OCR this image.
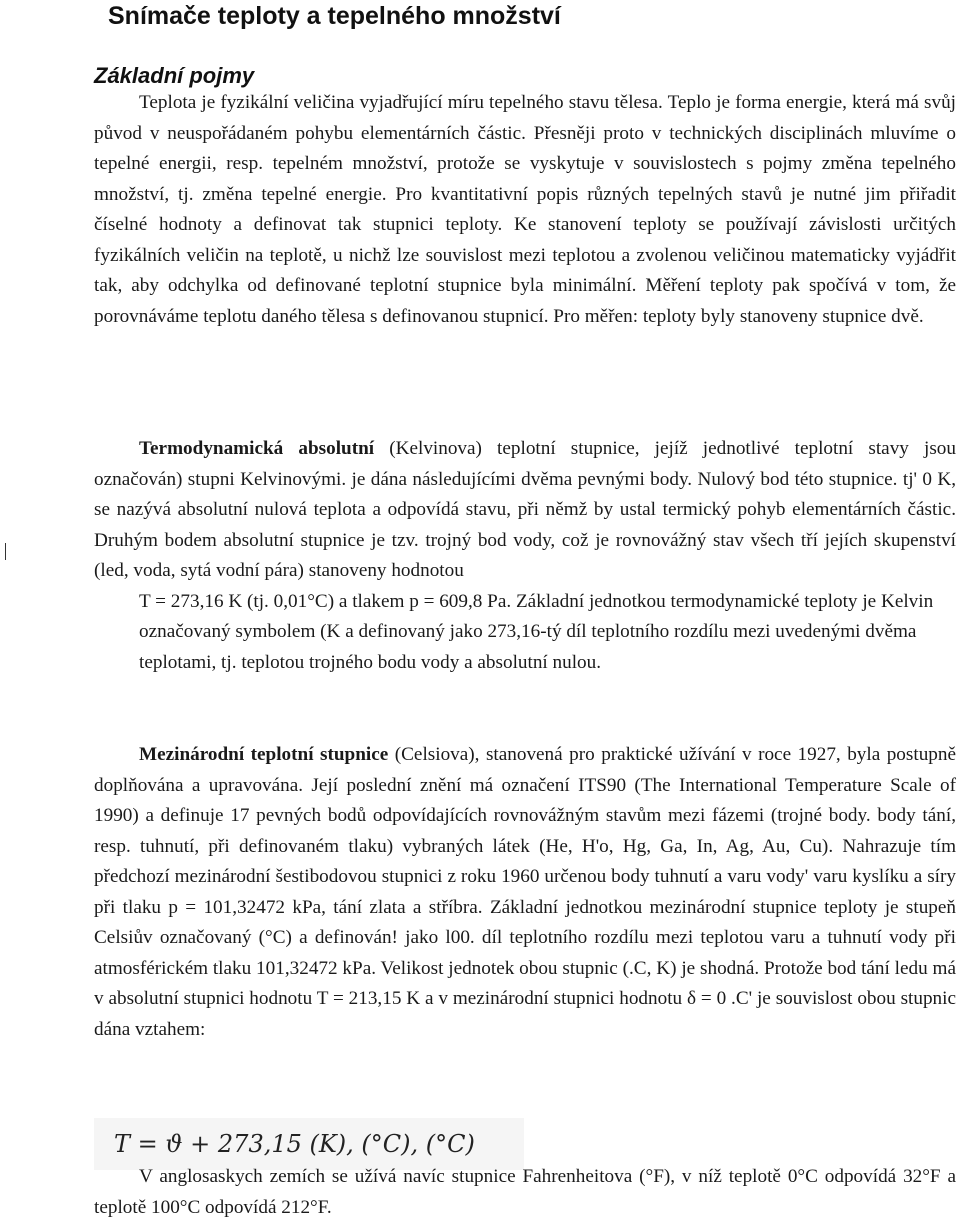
Snímače teploty a tepelného množství
Základní pojmy

Teplota je fyzikální veličina vyjadřující míru tepelného stavu tělesa. Teplo je forma energie, která má svůj původ v neuspořádaném pohybu elementárních částic. Přesněji proto v technických disciplinách mluvíme o tepelné energii, resp. tepelném množství, protože se vyskytuje v souvislostech s pojmy změna tepelného množství, tj. změna tepelné energie. Pro kvantitativní popis různých tepelných stavů je nutné jim přiřadit číselné hodnoty a definovat tak stupnici teploty. Ke stanovení teploty se používají závislosti určitých fyzikálních veličin na teplotě, u nichž lze souvislost mezi teplotou a zvolenou veličinou matematicky vyjádřit tak, aby odchylka od definované teplotní stupnice byla minimální. Měření teploty pak spočívá v tom, že porovnáváme teplotu daného tělesa s definovanou stupnicí. Pro měřen: teploty byly stanoveny stupnice dvě.

Termodynamická absolutní (Kelvinova) teplotní stupnice, jejíž jednotlivé teplotní stavy jsou označován) stupni Kelvinovými. je dána následujícími dvěma pevnými body. Nulový bod této stupnice. tj' 0 K, se nazývá absolutní nulová teplota a odpovídá stavu, při němž by ustal termický pohyb elementárních částic. Druhým bodem absolutní stupnice je tzv. trojný bod vody, což je rovnovážný stav všech tří jejích skupenství (led, voda, sytá vodní pára) stanoveny hodnotou
T = 273,16 K (tj. 0,01°C) a tlakem p = 609,8 Pa. Základní jednotkou termodynamické teploty je Kelvin označovaný symbolem (K a definovaný jako 273,16-tý díl teplotního rozdílu mezi uvedenými dvěma teplotami, tj. teplotou trojného bodu vody a absolutní nulou.

Mezinárodní teplotní stupnice (Celsiova), stanovená pro praktické užívání v roce 1927, byla postupně doplňována a upravována. Její poslední znění má označení ITS90 (The International Temperature Scale of 1990) a definuje 17 pevných bodů odpovídajících rovnovážným stavům mezi fázemi (trojné body. body tání, resp. tuhnutí, při definovaném tlaku) vybraných látek (He, H'o, Hg, Ga, In, Ag, Au, Cu). Nahrazuje tím předchozí mezinárodní šestibodovou stupnici z roku 1960 určenou body tuhnutí a varu vody' varu kyslíku a síry při tlaku p = 101,32472 kPa, tání zlata a stříbra. Základní jednotkou mezinárodní stupnice teploty je stupeň Celsiův označovaný (°C) a definován! jako l00. díl teplotního rozdílu mezi teplotou varu a tuhnutí vody při atmosférickém tlaku 101,32472 kPa. Velikost jednotek obou stupnic (.C, K) je shodná. Protože bod tání ledu má v absolutní stupnici hodnotu T = 213,15 K a v mezinárodní stupnici hodnotu δ = 0 .C' je souvislost obou stupnic dána vztahem:

T = ϑ + 273,15 (K), (°C), (°C)

V anglosaskych zemích se užívá navíc stupnice Fahrenheitova (°F), v níž teplotě 0°C odpovídá 32°F a teplotě 100°C odpovídá 212°F.
